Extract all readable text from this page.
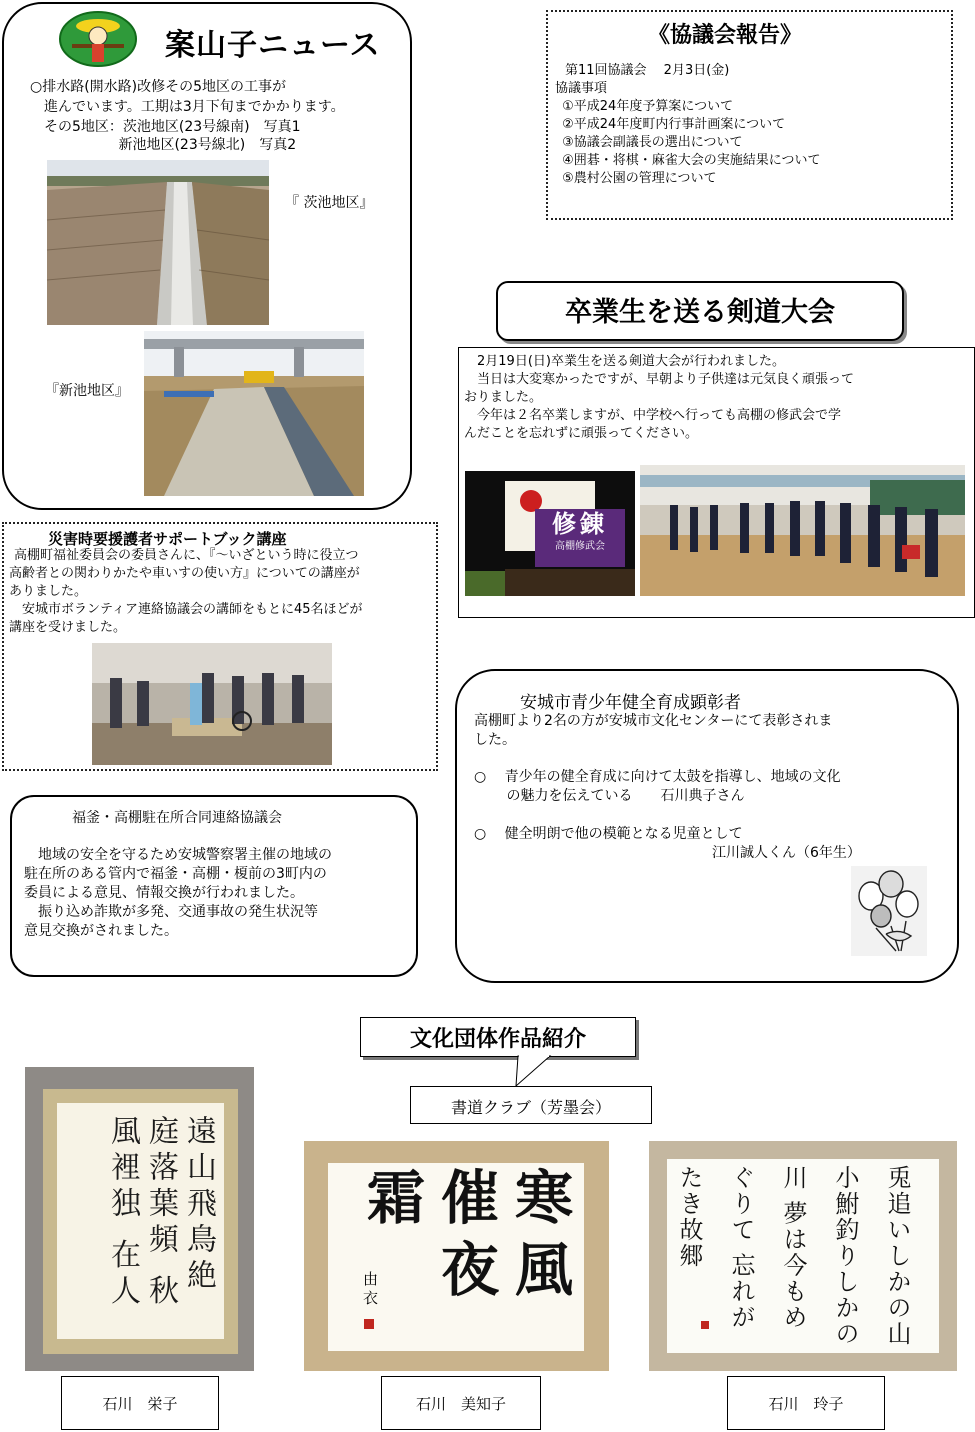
案山子ニュース
○排水路(開水路)改修その5地区の工事が
　進んでいます。工期は3月下旬までかかります。
　その5地区：茨池地区(23号線南)　写真1
　　　　　　 新池地区(23号線北)　写真2
『 茨池地区』
『新池地区』
《協議会報告》
第11回協議会　 2月3日(金)
協議事項
①平成24年度予算案について
②平成24年度町内行事計画案について
③協議会副議長の選出について
④囲碁・将棋・麻雀大会の実施結果について
⑤農村公園の管理について
卒業生を送る剣道大会
　2月19日(日)卒業生を送る剣道大会が行われました。
　当日は大変寒かったですが、早朝より子供達は元気良く頑張って
おりました。
　今年は２名卒業しますが、中学校へ行っても高棚の修武会で学
んだことを忘れずに頑張ってください。
修錬
高棚修武会
災害時要援護者サポートブック講座
高棚町福祉委員会の委員さんに、『〜いざという時に役立つ
高齢者との関わりかたや車いすの使い方』についての講座が
ありました。
　安城市ボランティア連絡協議会の講師をもとに45名ほどが
講座を受けました。
安城市青少年健全育成顕彰者
高棚町より2名の方が安城市文化センターにて表彰されま
した。
○　 青少年の健全育成に向けて太鼓を指導し、地域の文化
　　 の魅力を伝えている　　石川典子さん
○　 健全明朗で他の模範となる児童として
　　　　　　　　　　　　　　　　　江川誠人くん（6年生）
福釜・高棚駐在所合同連絡協議会
　地域の安全を守るため安城警察署主催の地域の
駐在所のある管内で福釜・高棚・榎前の3町内の
委員による意見、情報交換が行われました。
　振り込め詐欺が多発、交通事故の発生状況等
意見交換がされました。
文化団体作品紹介
書道クラブ（芳墨会）
遠山飛鳥絶 庭落葉頻 秋風裡独 在人	寒風 催夜 霜
由衣	兎追いしかの山 小鮒釣りしかの川 夢は今もめぐりて 忘れがたき故郷
石川　栄子	石川　美知子	石川　玲子
